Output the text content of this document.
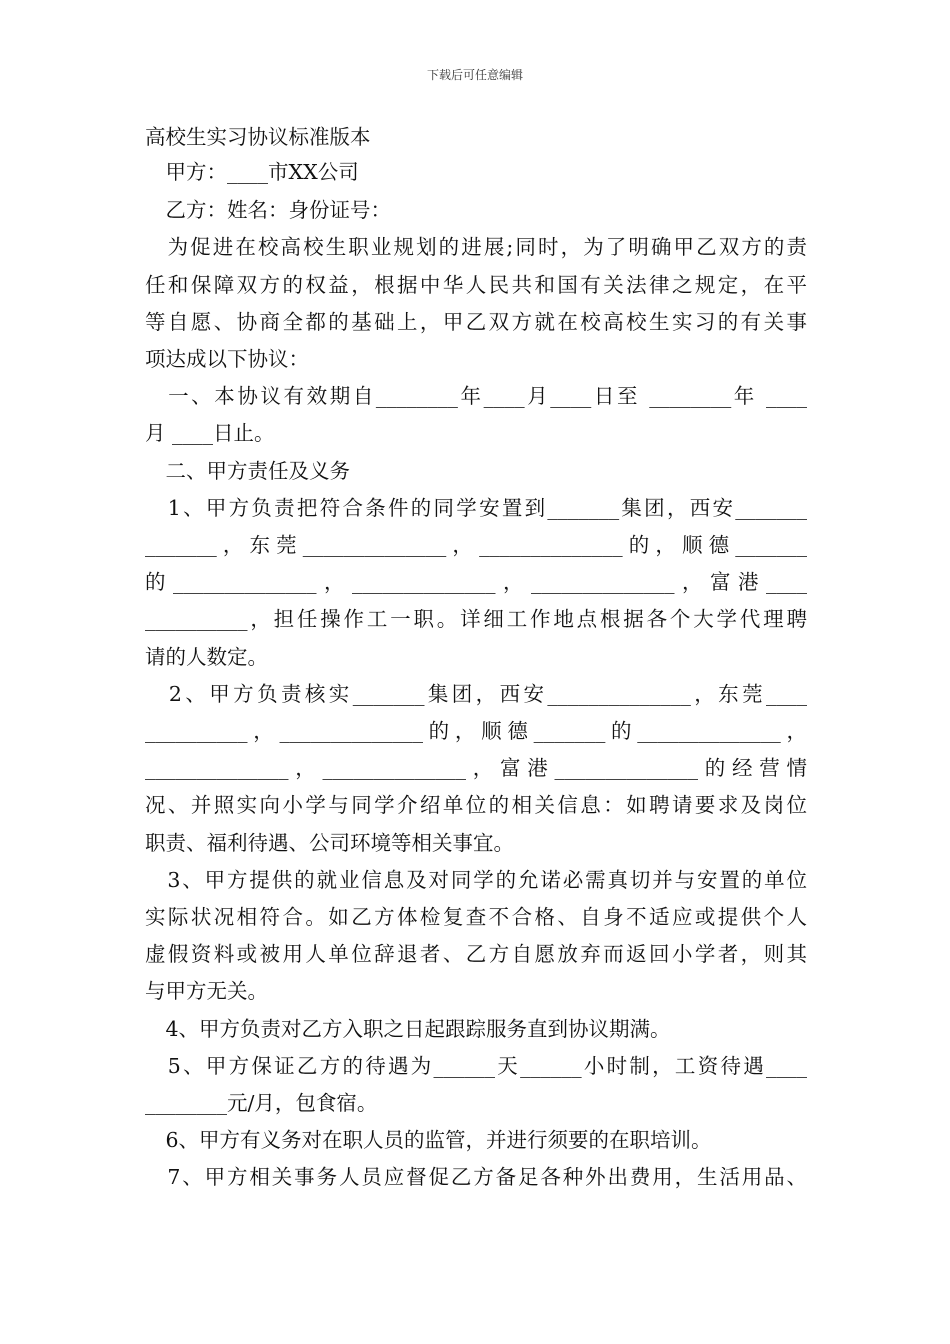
下载后可任意编辑
高校生实习协议标准版本
　甲方：____市XX公司
　乙方：姓名：身份证号：
　为促进在校高校生职业规划的进展;同时，为了明确甲乙双方的责
任和保障双方的权益，根据中华人民共和国有关法律之规定，在平
等自愿、协商全都的基础上，甲乙双方就在校高校生实习的有关事
项达成以下协议：
　一、本协议有效期自________年____月____日至 ________年 ____
月 ____日止。
　二、甲方责任及义务
　1、甲方负责把符合条件的同学安置到_______集团，西安_______
_______，东莞______________，______________的，顺德_______
的______________，______________，______________，富港____
__________，担任操作工一职。详细工作地点根据各个大学代理聘
请的人数定。
　2、甲方负责核实_______集团，西安______________，东莞____
__________，______________的，顺德_______的______________，
______________，______________，富港______________的经营情
况、并照实向小学与同学介绍单位的相关信息：如聘请要求及岗位
职责、福利待遇、公司环境等相关事宜。
　3、甲方提供的就业信息及对同学的允诺必需真切并与安置的单位
实际状况相符合。如乙方体检复查不合格、自身不适应或提供个人
虚假资料或被用人单位辞退者、乙方自愿放弃而返回小学者，则其
与甲方无关。
　4、甲方负责对乙方入职之日起跟踪服务直到协议期满。
　5、甲方保证乙方的待遇为______天______小时制，工资待遇____
________元/月，包食宿。
　6、甲方有义务对在职人员的监管，并进行须要的在职培训。
　7、甲方相关事务人员应督促乙方备足各种外出费用，生活用品、
